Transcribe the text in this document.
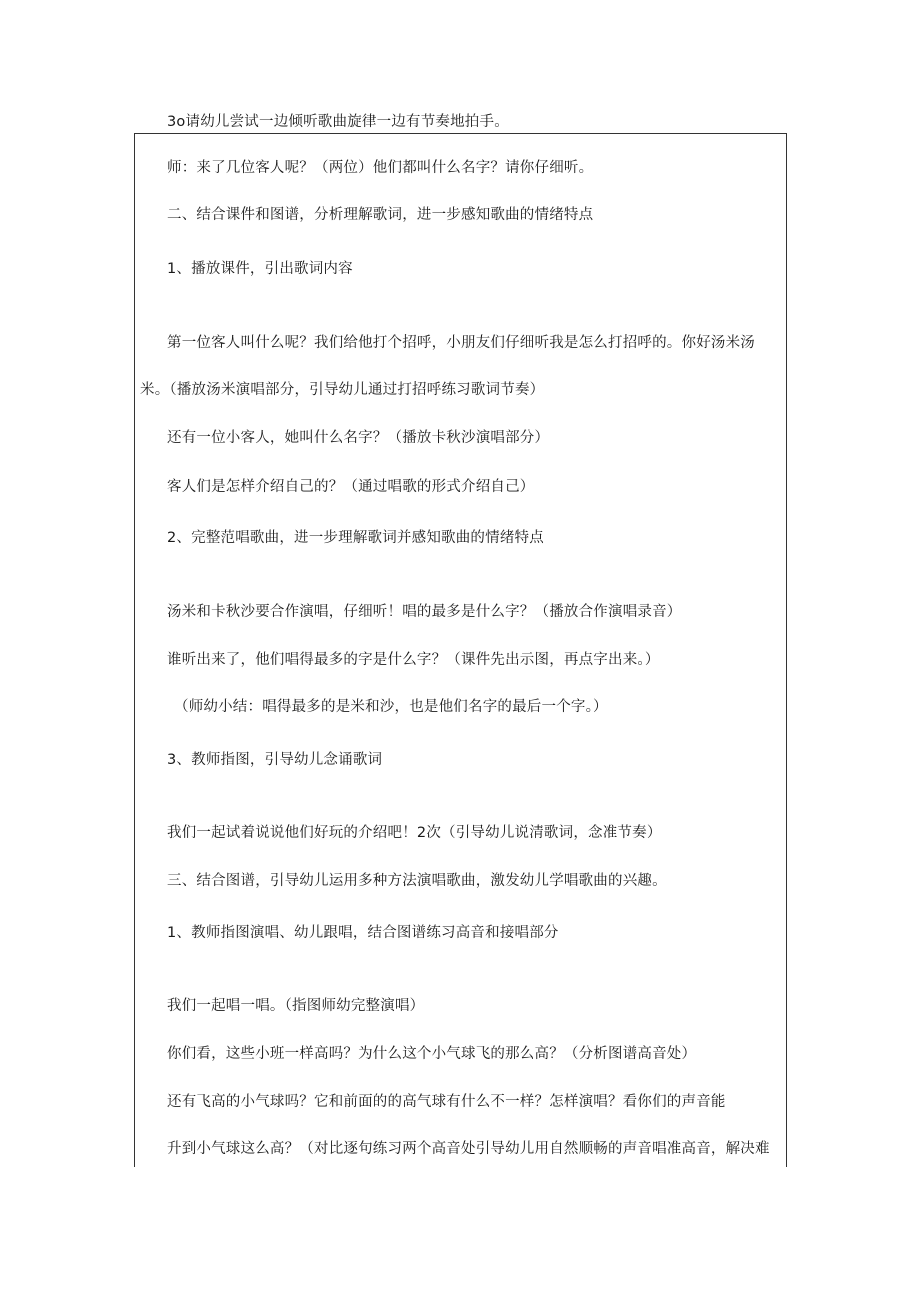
3o请幼儿尝试一边倾听歌曲旋律一边有节奏地拍手。
师：来了几位客人呢？（两位）他们都叫什么名字？请你仔细听。
二、结合课件和图谱，分析理解歌词，进一步感知歌曲的情绪特点
1、播放课件，引出歌词内容
第一位客人叫什么呢？我们给他打个招呼，小朋友们仔细听我是怎么打招呼的。你好汤米汤
米。（播放汤米演唱部分，引导幼儿通过打招呼练习歌词节奏）
还有一位小客人，她叫什么名字？（播放卡秋沙演唱部分）
客人们是怎样介绍自己的？（通过唱歌的形式介绍自己）
2、完整范唱歌曲，进一步理解歌词并感知歌曲的情绪特点
汤米和卡秋沙要合作演唱，仔细听！唱的最多是什么字？（播放合作演唱录音）
谁听出来了，他们唱得最多的字是什么字？（课件先出示图，再点字出来。）
（师幼小结：唱得最多的是米和沙，也是他们名字的最后一个字。）
3、教师指图，引导幼儿念诵歌词
我们一起试着说说他们好玩的介绍吧！2次（引导幼儿说清歌词，念准节奏）
三、结合图谱，引导幼儿运用多种方法演唱歌曲，激发幼儿学唱歌曲的兴趣。
1、教师指图演唱、幼儿跟唱，结合图谱练习高音和接唱部分
我们一起唱一唱。（指图师幼完整演唱）
你们看，这些小班一样高吗？为什么这个小气球飞的那么高？（分析图谱高音处）
还有飞高的小气球吗？它和前面的的高气球有什么不一样？怎样演唱？看你们的声音能
升到小气球这么高？（对比逐句练习两个高音处引导幼儿用自然顺畅的声音唱准高音，解决难
